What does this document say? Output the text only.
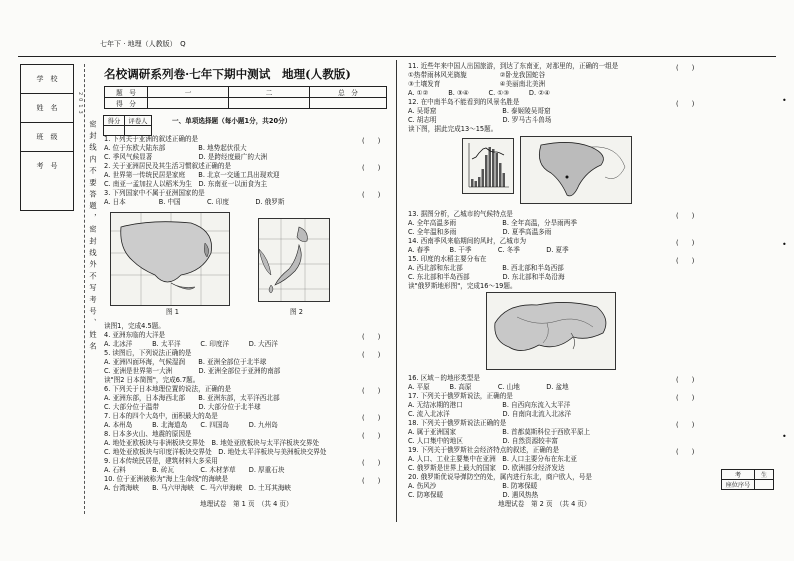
七年下 · 地理（人教版）　Q
学　校
姓　名
班　级
考　号
2013
密封线内不要答题，密封线外不写考号、姓名
名校调研系列卷·七年下期中测试　地理(人教版)
题　号	一	二	总　分
得　分			
得分	评卷人
		一、单项选择题（每小题1分，共20分）
1. 下列关于亚洲的叙述正确的是
A. 位于东欧大陆东部　　　　　B. 地势起伏很大
C. 季风气候显著　　　　　　　D. 是跨经度最广的大洲
2. 关于亚洲居民及其生活习惯叙述正确的是
A. 世界第一传统民居是家庭　　B. 北京一交通工具出现欢迎
C. 南亚一孟加拉人以稻米为生　D. 东南亚一以面食为主
3. 下列国家中不属于亚洲国家的是
A. 日本　　　　　B. 中国　　　　C. 印度　　　　D. 俄罗斯
(　　)
(　　)
(　　)
图 1	图 2
读图1，完成4.5题。
4. 亚洲东临的大洋是
A. 北冰洋　　　B. 太平洋　　　C. 印度洋　　　D. 大西洋
5. 读图后，下列说法正确的是
A. 亚洲四面环海，气候湿润　　B. 亚洲全部位于北半球
C. 亚洲是世界第一大洲　　　　D. 亚洲全部位于亚洲的南部
读"图2 日本简图"，完成6.7题。
6. 下列关于日本地理位置的说法，正确的是
A. 亚洲东部，日本海西北部　　B. 亚洲东部，太平洋西北部
C. 大部分位于温带　　　　　　D. 大部分位于北半球
7. 日本的四个大岛中，面积最大的岛是
A. 本州岛　　　B. 北海道岛　　C. 四国岛　　　D. 九州岛
8. 日本多火山、地震的原因是
A. 地处亚欧板块与非洲板块交界处　B. 地处亚欧板块与太平洋板块交界处
C. 地处亚欧板块与印度洋板块交界处　D. 地处太平洋板块与美洲板块交界处
9. 日本传统民居是，建筑材料大多采用
A. 石料　　　　B. 砖瓦　　　　C. 木材茅草　　D. 厚重石块
10. 位于亚洲被称为"海上生命线"的海峡是
A. 台湾海峡　　B. 马六甲海峡　C. 马六甲海峡　D. 土耳其海峡
(　　)
(　　)
(　　)
(　　)
(　　)
(　　)
(　　)
地理试卷　第 1 页　（共 4 页）
11. 近些年来中国人出国旅游，到达了东南亚，对那里的，正确的一组是
①热带雨林风光旖旎　　　　　②卧龙我国蛇谷
③土壤发育　　　　　　　　　④美丽南北美洲
A. ①②　　　B. ③④　　　C. ①③　　　D. ②④
12. 在中南半岛不能看到的风景名胜是
A. 吴哥窟　　　　　　　　　　B. 泰姬陵吴哥窟
C. 胡志明　　　　　　　　　　D. 罗马古斗兽场
读下图，据此完成13～15题。
(　　)
(　　)
13. 据图分析，乙城市的气候特点是
A. 全年高温多雨　　　　　　　B. 全年高温，分旱雨两季
C. 全年温和多雨　　　　　　　D. 夏季高温多雨
14. 西南季风来临期间的风时，乙城市为
A. 春季　　　B. 干季　　　　C. 冬季　　　　D. 夏季
15. 印度的水稻主要分布在
A. 西北部和东北部　　　　　　B. 西北部和半岛西部
C. 东北部和半岛西部　　　　　D. 东北部和半岛沿海
读"俄罗斯地形图"，完成16～19题。
(　　)
(　　)
(　　)
16. 区域ㄧ的地形类型是
A. 平原　　　B. 高原　　　　C. 山地　　　　D. 盆地
17. 下列关于俄罗斯说法，正确的是
A. 无结冰期的港口　　　　　　B. 自西向东流入太平洋
C. 流入北冰洋　　　　　　　　D. 自南向北流入北冰洋
18. 下列关于俄罗斯说法正确的是
A. 属于亚洲国家　　　　　　　B. 首都莫斯科位于西欧平原上
C. 人口集中的地区　　　　　　D. 自然资源较丰富
19. 下列关于俄罗斯社会经济特点的叙述，正确的是
A. 人口、工业主要集中在亚洲　B. 人口主要分布在东北亚
C. 俄罗斯是世界上最大的国家　D. 欧洲部分经济发达
20. 俄罗斯优说导弹防空的处，属内进行东北，商户欧人，号是
A. 伤风沙　　　　　　　　　　B. 防寒保暖
C. 防寒保暖　　　　　　　　　D. 遇风热热
(　　)
(　　)
(　　)
(　　)
考	生
座位序号	
地理试卷　第 2 页　（共 4 页）
•
•
•
